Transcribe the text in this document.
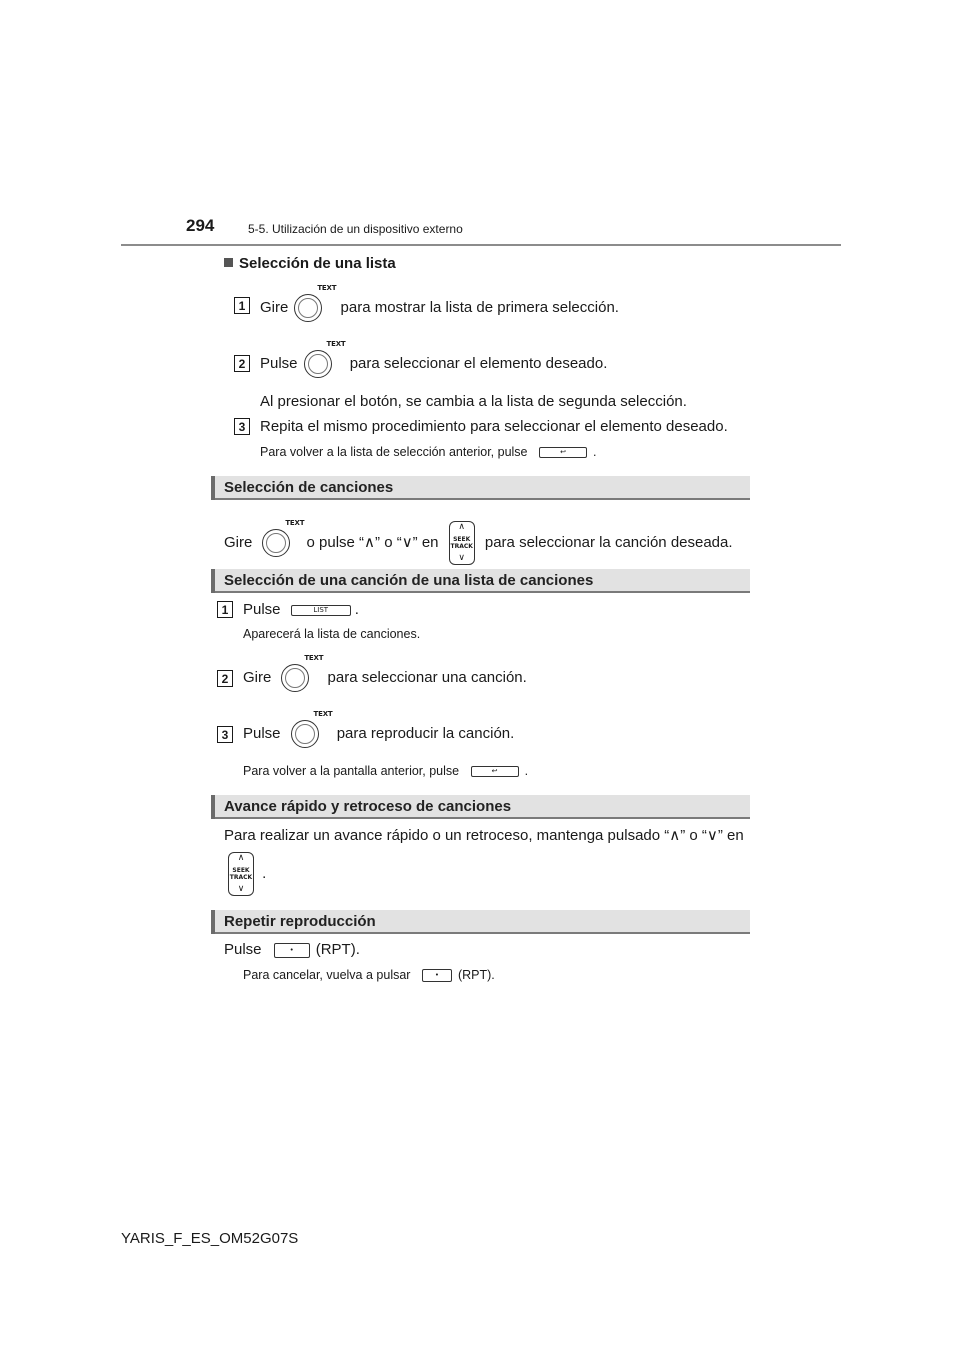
294	5-5. Utilización de un dispositivo externo
Selección de una lista
1 Gire
TEXT
para mostrar la lista de primera selección.
2 Pulse
TEXT
para seleccionar el elemento deseado.
Al presionar el botón, se cambia a la lista de segunda selección.
3 Repita el mismo procedimiento para seleccionar el elemento deseado.
Para volver a la lista de selección anterior, pulse	↩ .
Selección de canciones
Gire
TEXT
o pulse “∧” o “∨” en
∧
SEEK
TRACK
∨
para seleccionar la canción deseada.
Selección de una canción de una lista de canciones
1 Pulse	LIST .
Aparecerá la lista de canciones.
2 Gire
TEXT
para seleccionar una canción.
3 Pulse
TEXT
para reproducir la canción.
Para volver a la pantalla anterior, pulse	↩ .
Avance rápido y retroceso de canciones
Para realizar un avance rápido o un retroceso, mantenga pulsado “∧” o “∨” en
∧
SEEK
TRACK
∨
.
Repetir reproducción
Pulse	• (RPT).
Para cancelar, vuelva a pulsar	• (RPT).
YARIS_F_ES_OM52G07S
